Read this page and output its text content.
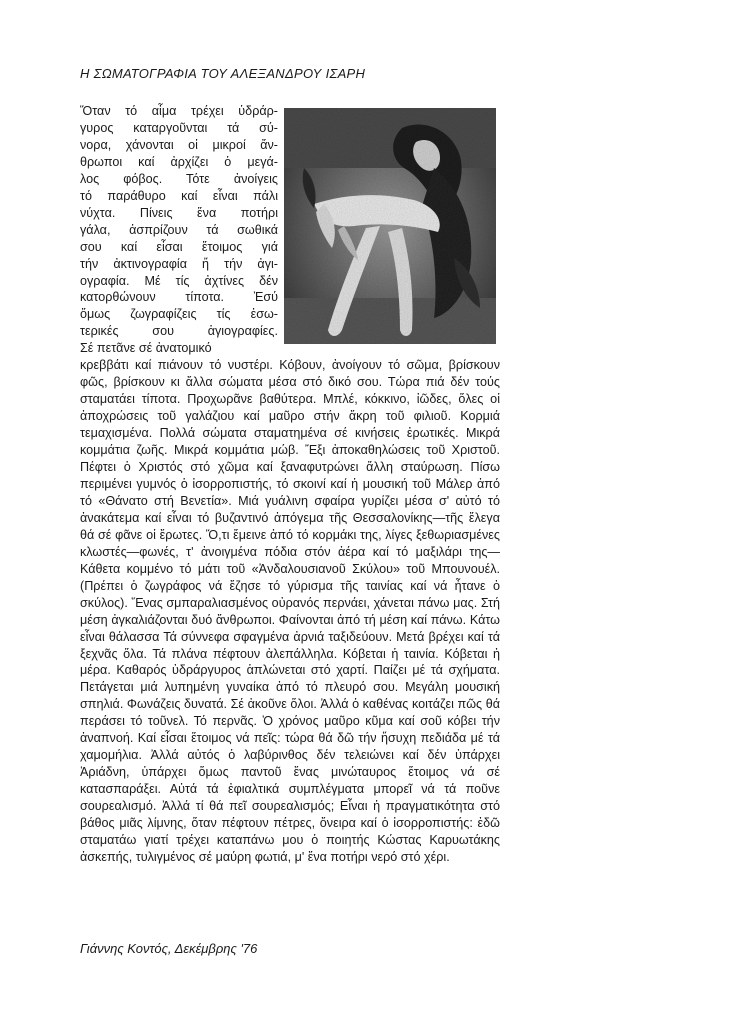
Η ΣΩΜΑΤΟΓΡΑΦΙΑ ΤΟΥ ΑΛΕΞΑΝΔΡΟΥ ΙΣΑΡΗ

Ὅταν τό αἷμα τρέχει ὑδράρ-

γυρος καταργοῦνται τά σύ-

νορα, χάνονται οἱ μικροί ἄν-

θρωποι καί ἀρχίζει ὁ μεγά-

λος φόβος. Τότε ἀνοίγεις

τό παράθυρο καί εἶναι πάλι

νύχτα. Πίνεις ἕνα ποτήρι

γάλα, ἀσπρίζουν τά σωθικά

σου καί εἶσαι ἕτοιμος γιά

τήν ἀκτινογραφία ἤ τήν ἀγι-

ογραφία. Μέ τίς ἀχτίνες δέν

κατορθώνουν τίποτα. Ἐσύ

ὅμως ζωγραφίζεις τίς ἐσω-

τερικές σου ἁγιογραφίες.

Σέ πετᾶνε σέ ἀνατομικό

κρεββάτι καί πιάνουν τό νυστέρι. Κόβουν, ἀνοίγουν τό σῶμα, βρίσκουν φῶς, βρίσκουν κι ἄλλα σώματα μέσα στό δικό σου. Τώρα πιά δέν τούς σταματάει τίποτα. Προχωρᾶνε βαθύτερα. Μπλέ, κόκκινο, ἰῶδες, ὅλες οἱ ἀποχρώσεις τοῦ γαλάζιου καί μαῦρο στήν ἄκρη τοῦ φιλιοῦ. Κορμιά τεμαχισμένα. Πολλά σώματα σταματημένα σέ κινήσεις ἐρωτικές. Μικρά κομμάτια ζωῆς. Μικρά κομμάτια μώβ. Ἔξι ἀποκαθηλώσεις τοῦ Χριστοῦ. Πέφτει ὁ Χριστός στό χῶμα καί ξαναφυτρώνει ἄλλη σταύρωση. Πίσω περιμένει γυμνός ὁ ἰσορροπιστής, τό σκοινί καί ἡ μουσική τοῦ Μάλερ ἀπό τό «Θάνατο στή Βενετία». Μιά γυάλινη σφαίρα γυρίζει μέσα σ' αὐτό τό ἀνακάτεμα καί εἶναι τό βυζαντινό ἀπόγεμα τῆς Θεσσαλονίκης—τῆς ἔλεγα θά σέ φᾶνε οἱ ἔρωτες. Ὅ,τι ἔμεινε ἀπό τό κορμάκι της, λίγες ξεθωριασμένες κλωστές—φωνές, τ' ἀνοιγμένα πόδια στόν ἀέρα καί τό μαξιλάρι της— Κάθετα κομμένο τό μάτι τοῦ «Ἀνδαλουσιανοῦ Σκύλου» τοῦ Μπουνουέλ. (Πρέπει ὁ ζωγράφος νά ἔζησε τό γύρισμα τῆς ταινίας καί νά ἦτανε ὁ σκύλος). Ἕνας σμπαραλιασμένος οὐρανός περνάει, χάνεται πάνω μας. Στή μέση ἀγκαλιάζονται δυό ἄνθρωποι. Φαίνονται ἀπό τή μέση καί πάνω. Κάτω εἶναι θάλασσα Τά σύννεφα σφαγμένα ἀρνιά ταξιδεύουν. Μετά βρέχει καί τά ξεχνᾶς ὅλα. Τά πλάνα πέφτουν ἀλεπάλληλα. Κόβεται ἡ ταινία. Κόβεται ἡ μέρα. Καθαρός ὑδράργυρος ἁπλώνεται στό χαρτί. Παίζει μέ τά σχήματα. Πετάγεται μιά λυπημένη γυναίκα ἀπό τό πλευρό σου. Μεγάλη μουσική σπηλιά. Φωνάζεις δυνατά. Σέ ἀκοῦνε ὅλοι. Ἀλλά ὁ καθένας κοιτάζει πῶς θά περάσει τό τοῦνελ. Τό περνᾶς. Ὁ χρόνος μαῦρο κῦμα καί σοῦ κόβει τήν ἀναπνοή. Καί εἶσαι ἕτοιμος νά πεῖς: τώρα θά δῶ τήν ἥσυχη πεδιάδα μέ τά χαμομήλια. Ἀλλά αὐτός ὁ λαβύρινθος δέν τελειώνει καί δέν ὑπάρχει Ἀριάδνη, ὑπάρχει ὅμως παντοῦ ἕνας μινώταυρος ἕτοιμος νά σέ κατασπαράξει. Αὐτά τά ἐφιαλτικά συμπλέγματα μπορεῖ νά τά ποῦνε σουρεαλισμό. Ἀλλά τί θά πεῖ σουρεαλισμός; Εἶναι ἡ πραγματικότητα στό βάθος μιᾶς λίμνης, ὅταν πέφτουν πέτρες, ὄνειρα καί ὁ ἰσορροπιστής: ἐδῶ σταματάω γιατί τρέχει καταπάνω μου ὁ ποιητής Κώστας Καρυωτάκης ἀσκεπής, τυλιγμένος σέ μαύρη φωτιά, μ' ἕνα ποτήρι νερό στό χέρι.
Γιάννης Κοντός, Δεκέμβρης '76
